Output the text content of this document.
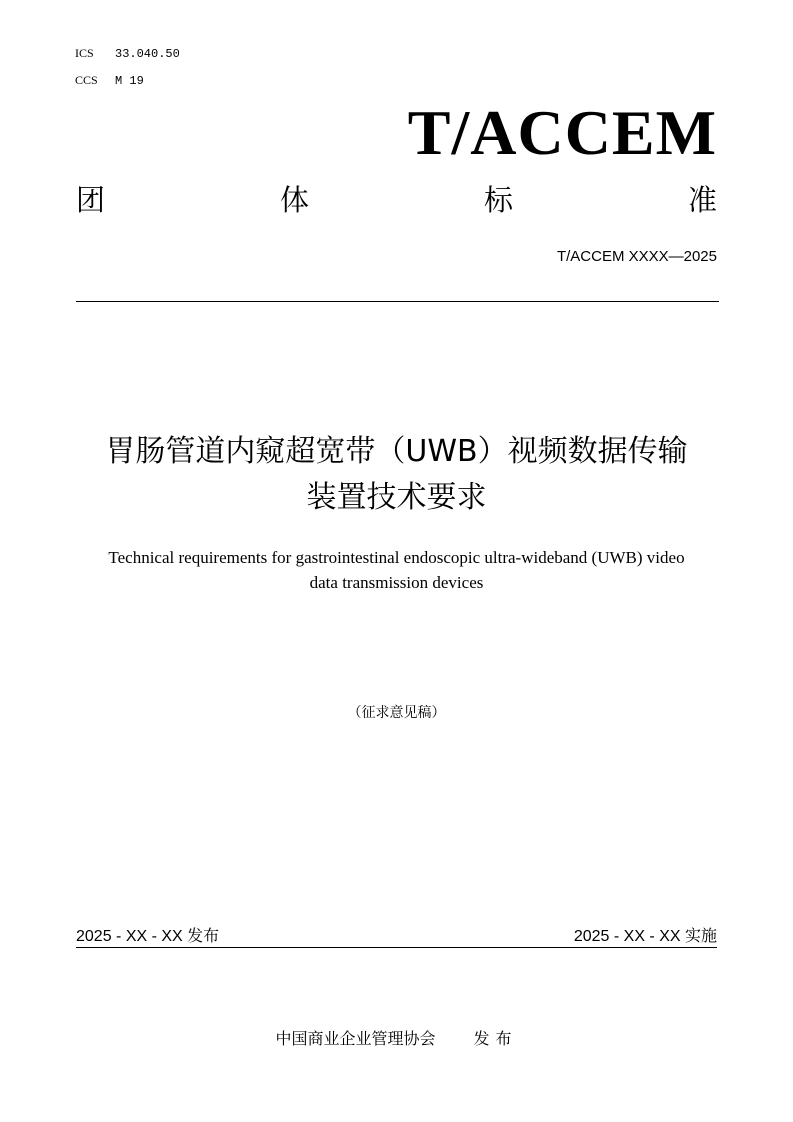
ICS 33.040.50
CCS M 19
T/ACCEM
团	体	标	准
T/ACCEM XXXX—2025
胃肠管道内窥超宽带（UWB）视频数据传输
装置技术要求
Technical requirements for gastrointestinal endoscopic ultra-wideband (UWB) video
data transmission devices
（征求意见稿）
2025 - XX - XX 发布	2025 - XX - XX 实施
中国商业企业管理协会 发布
